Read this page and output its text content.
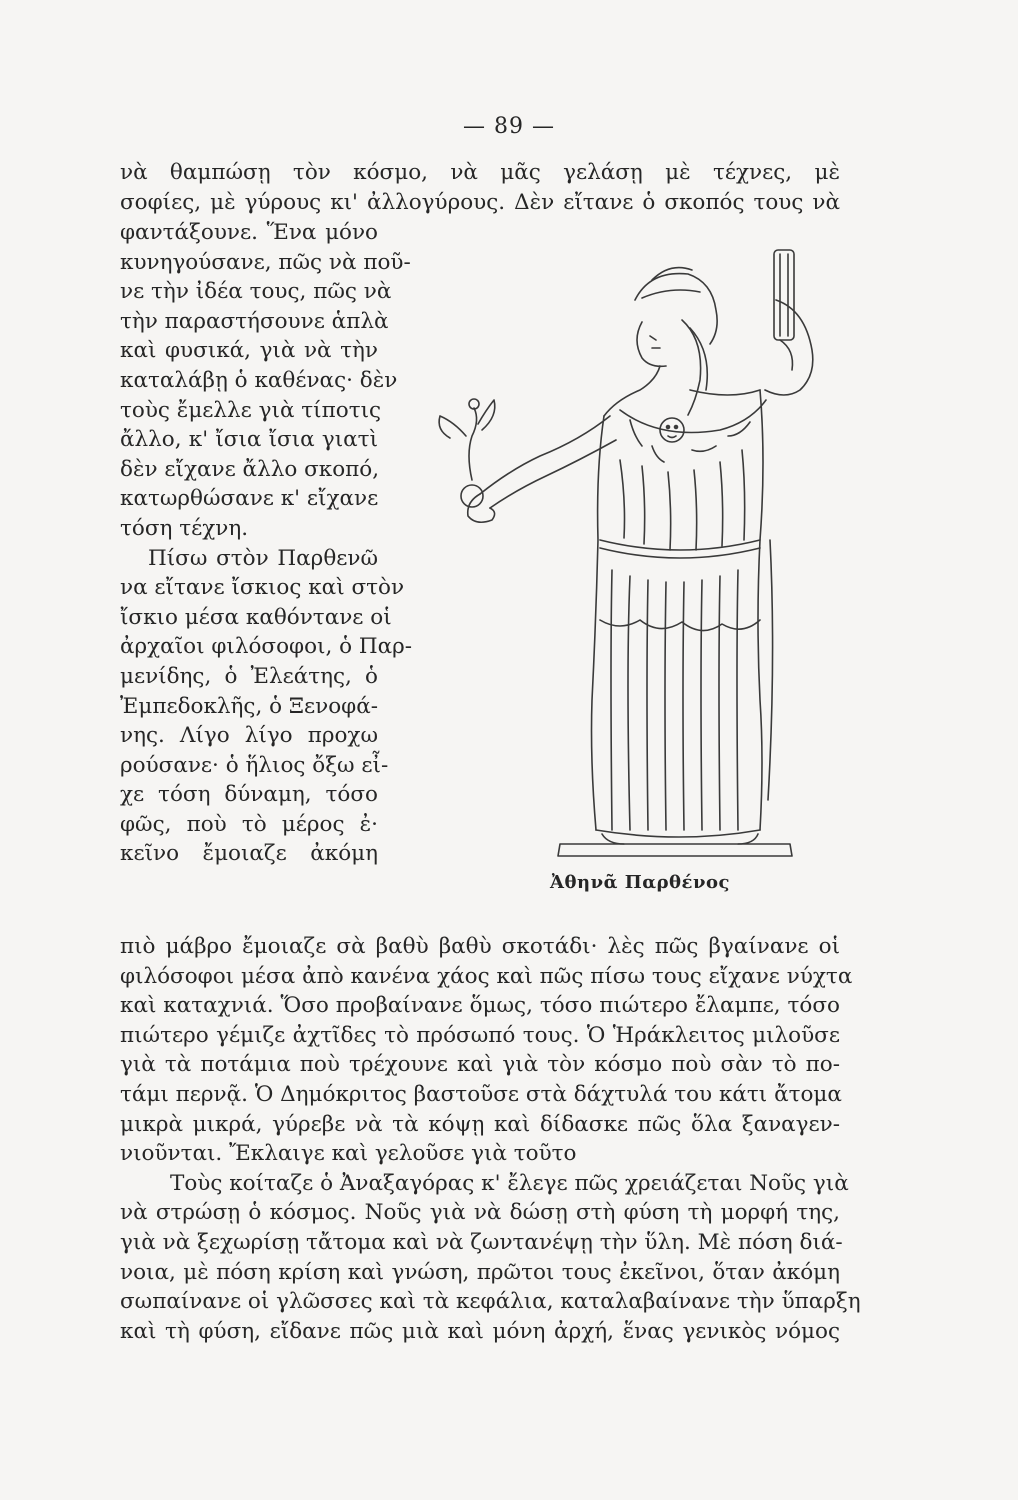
— 89 —
νὰ θαμπώσῃ τὸν κόσμο, νὰ μᾶς γελάσῃ μὲ τέχνες, μὲ
σοφίες, μὲ γύρους κι' ἀλλογύρους. Δὲν εἴτανε ὁ σκοπός τους νὰ
φαντάξουνε. Ἕνα μόνο
κυνηγούσανε, πῶς νὰ ποῦ-
νε τὴν ἰδέα τους, πῶς νὰ
τὴν παραστήσουνε ἁπλὰ
καὶ φυσικά, γιὰ νὰ τὴν
καταλάβῃ ὁ καθένας· δὲν
τοὺς ἔμελλε γιὰ τίποτις
ἄλλο, κ' ἴσια ἴσια γιατὶ
δὲν εἴχανε ἄλλο σκοπό,
κατωρθώσανε κ' εἴχανε
τόση τέχνη.
Πίσω στὸν Παρθενῶ
να εἴτανε ἴσκιος καὶ στὸν
ἴσκιο μέσα καθόντανε οἱ
ἀρχαῖοι φιλόσοφοι, ὁ Παρ-
μενίδης, ὁ Ἐλεάτης, ὁ
Ἐμπεδοκλῆς, ὁ Ξενοφά-
νης. Λίγο λίγο προχω
ρούσανε· ὁ ἥλιος ὄξω εἶ-
χε τόση δύναμη, τόσο
φῶς, ποὺ τὸ μέρος ἐ·
κεῖνο ἔμοιαζε ἀκόμη
Ἀθηνᾶ Παρθένος
πιὸ μάβρο ἔμοιαζε σὰ βαθὺ βαθὺ σκοτάδι· λὲς πῶς βγαίνανε οἱ
φιλόσοφοι μέσα ἀπὸ κανένα χάος καὶ πῶς πίσω τους εἴχανε νύχτα
καὶ καταχνιά. Ὅσο προβαίνανε ὅμως, τόσο πιώτερο ἔλαμπε, τόσο
πιώτερο γέμιζε ἀχτῖδες τὸ πρόσωπό τους. Ὁ Ἡράκλειτος μιλοῦσε
γιὰ τὰ ποτάμια ποὺ τρέχουνε καὶ γιὰ τὸν κόσμο ποὺ σὰν τὸ πο-
τάμι περνᾷ. Ὁ Δημόκριτος βαστοῦσε στὰ δάχτυλά του κάτι ἄτομα
μικρὰ μικρά, γύρεβε νὰ τὰ κόψῃ καὶ δίδασκε πῶς ὅλα ξαναγεν-
νιοῦνται. Ἔκλαιγε καὶ γελοῦσε γιὰ τοῦτο
Τοὺς κοίταζε ὁ Ἀναξαγόρας κ' ἔλεγε πῶς χρειάζεται Νοῦς γιὰ
νὰ στρώσῃ ὁ κόσμος. Νοῦς γιὰ νὰ δώσῃ στὴ φύση τὴ μορφή της,
γιὰ νὰ ξεχωρίσῃ τἄτομα καὶ νὰ ζωντανέψῃ τὴν ὕλη. Μὲ πόση διά-
νοια, μὲ πόση κρίση καὶ γνώση, πρῶτοι τους ἐκεῖνοι, ὅταν ἀκόμη
σωπαίνανε οἱ γλῶσσες καὶ τὰ κεφάλια, καταλαβαίνανε τὴν ὕπαρξη
καὶ τὴ φύση, εἴδανε πῶς μιὰ καὶ μόνη ἀρχή, ἕνας γενικὸς νόμος
